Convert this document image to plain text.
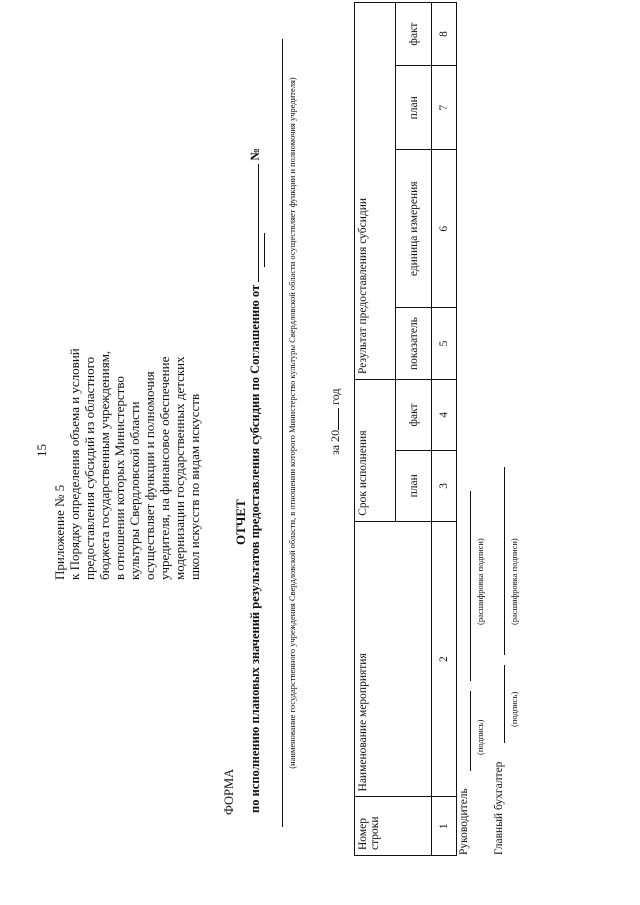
15
Приложение № 5 к Порядку определения объема и условий предоставления субсидий из областного бюджета государственным учреждениям, в отношении которых Министерство культуры Свердловской области осуществляет функции и полномочия учредителя, на финансовое обеспечение модернизации государственных детских школ искусств по видам искусств
ФОРМА
ОТЧЕТ по исполнению плановых значений результатов предоставления субсидии по Соглашению от  №	(наименование государственного учреждения Свердловской области, в отношении которого Министерство культуры Свердловской области осуществляет функции и полномочия учредителя)	за 20 год
Номер строки	Наименование мероприятия	Срок исполнения		Результат предоставления субсидии			
		план	факт	показатель	единица измерения	план	факт
1	2	3	4	5	6	7	8
Руководитель
(подпись)
(расшифровка подписи)
Главный бухгалтер
(подпись)
(расшифровка подписи)
